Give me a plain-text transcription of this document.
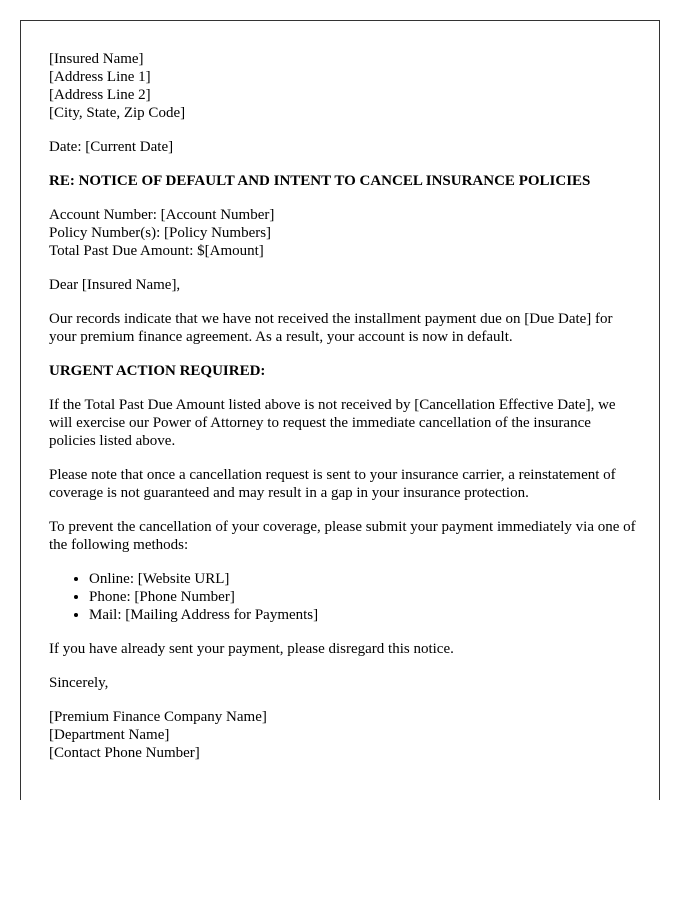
[Insured Name]
[Address Line 1]
[Address Line 2]
[City, State, Zip Code]

Date: [Current Date]

RE: NOTICE OF DEFAULT AND INTENT TO CANCEL INSURANCE POLICIES

Account Number: [Account Number]
Policy Number(s): [Policy Numbers]
Total Past Due Amount: $[Amount]

Dear [Insured Name],

Our records indicate that we have not received the installment payment due on [Due Date] for your premium finance agreement. As a result, your account is now in default.

URGENT ACTION REQUIRED:

If the Total Past Due Amount listed above is not received by [Cancellation Effective Date], we will exercise our Power of Attorney to request the immediate cancellation of the insurance policies listed above.

Please note that once a cancellation request is sent to your insurance carrier, a reinstatement of coverage is not guaranteed and may result in a gap in your insurance protection.

To prevent the cancellation of your coverage, please submit your payment immediately via one of the following methods:

• Online: [Website URL]
• Phone: [Phone Number]
• Mail: [Mailing Address for Payments]

If you have already sent your payment, please disregard this notice.

Sincerely,

[Premium Finance Company Name]
[Department Name]
[Contact Phone Number]
